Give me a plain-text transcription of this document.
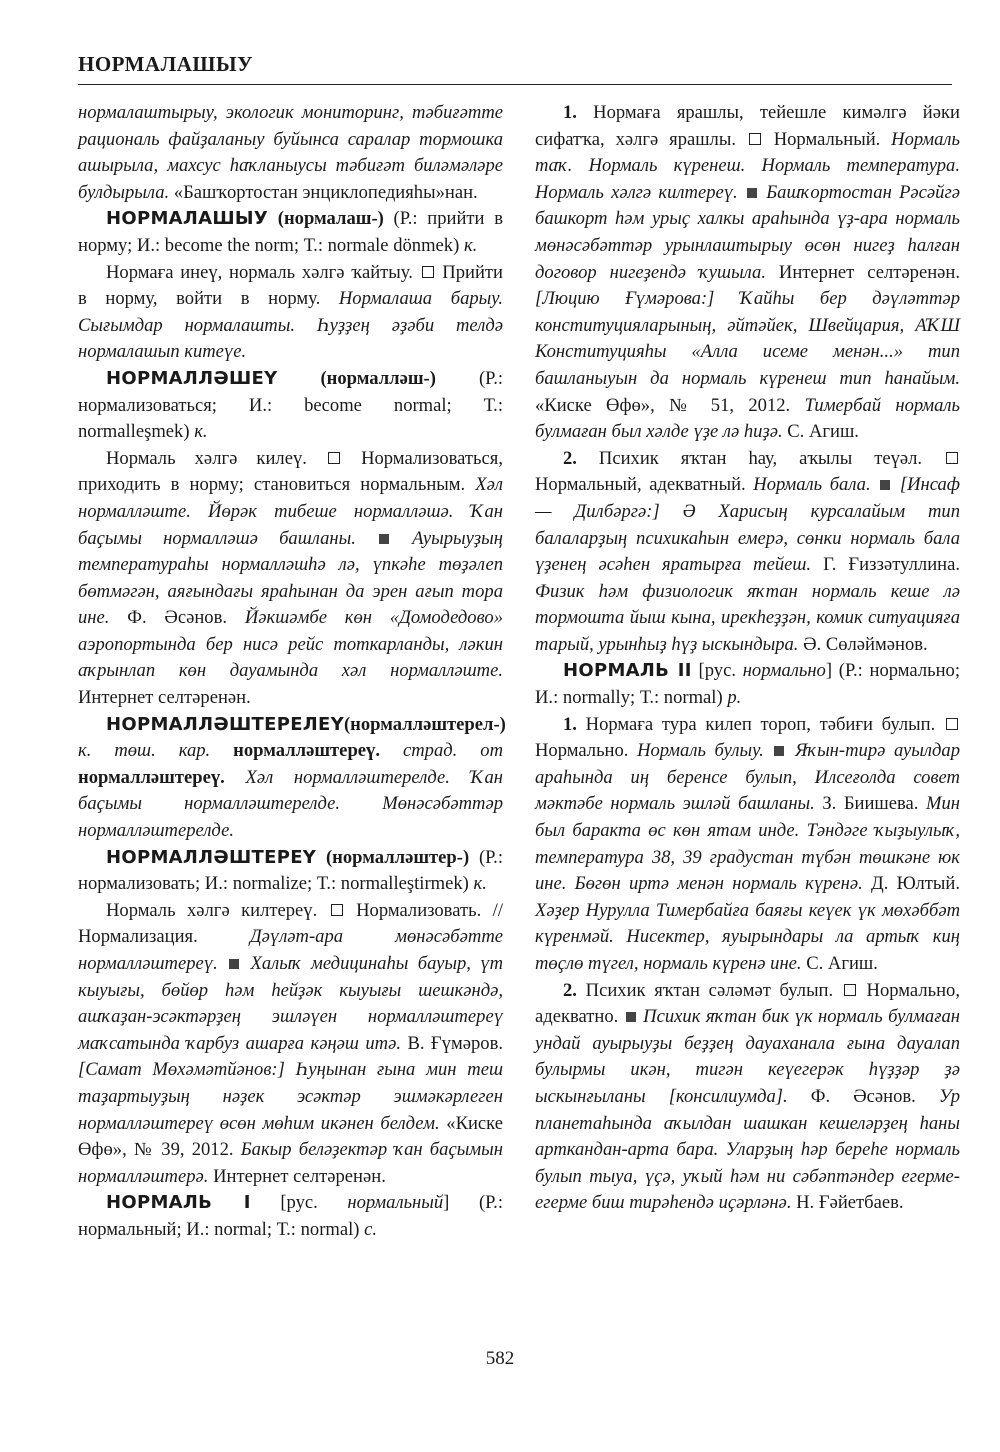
НОРМАЛАШЫУ

нормалаштырыу, экологик мониторинг, тәбиғәтте рациональ файҙаланыу буйынса саралар тормошка ашырыла, махсус һаҡланыусы тәбиғәт биләмәләре булдырыла. «Башҡортостан энциклопедияһы»нан.

НОРМАЛАШЫУ (нормалаш-) (Р.: прийти в норму; И.: become the norm; Т.: normale dönmek) к.

Нормаға инеү, нормаль хәлгә ҡайтыу.  Прийти в норму, войти в норму. Нормалаша барыу. Сығымдар нормалашты. Һуҙҙең әҙәби телдә нормалашып китеүе.

НОРМАЛЛӘШЕҮ (нормалләш-) (Р.: нормализоваться; И.: become normal; Т.: normalleşmek) к.

Нормаль хәлгә килеү.  Нормализоваться, приходить в норму; становиться нормальным. Хәл нормалләште. Йөрәк тибеше нормалләшә. Ҡан баҫымы нормалләшә башланы.	Ауырыуҙың температураһы нормалләшһә лә, үпкәһе төҙәлеп бөтмәгән, аяғындағы яраһынан да эрен ағып тора ине. Ф. Әсәнов. Йәкшәмбе көн «Домодедово» аэропортында бер нисә рейс тоткарланды, ләкин аҡрынлап көн дауамында хәл нормалләште. Интернет селтәренән.

НОРМАЛЛӘШТЕРЕЛЕҮ(нормалләштерел-) к. төш. кар. нормалләштереү. страд. от нормалләштереү. Хәл нормалләштерелде. Ҡан баҫымы нормалләштерелде. Мөнәсәбәттәр нормалләштерелде.

НОРМАЛЛӘШТЕРЕҮ (нормалләштер-) (Р.: нормализовать; И.: normalize; Т.: normalleştirmek) к.

Нормаль хәлгә килтереү.  Нормализовать. // Нормализация. Дәүләт-ара мөнәсәбәтте нормалләштереү. Халыҡ медицинаһы бауыр, үт кыуығы, бөйөр һәм һейҙәк кыуығы шешкәндә, ашҡаҙан-эсәктәрҙең эшләүен нормалләштереү маҡсатында ҡарбуз ашарға кәңәш итә. В. Ғүмәров. [Самат Мөхәмәтйәнов:] Һуңынан ғына мин теш таҙартыуҙың нәҙек эсәктәр эшмәкәрлеген нормалләштереү өсөн мөһим икәнен белдем. «Киске Өфө», № 39, 2012. Бакыр беләҙектәр ҡан баҫымын нормалләштерә. Интернет селтәренән.

НОРМАЛЬ I [рус. нормальный] (Р.: нормальный; И.: normal; Т.: normal) с.

1. Нормаға ярашлы, тейешле кимәлгә йәки сифатҡа, хәлгә ярашлы.  Нормальный. Нормаль таҡ. Нормаль күренеш. Нормаль температура. Нормаль хәлгә килтереү. Башҡортостан Рәсәйгә башкорт һәм урыҫ халкы араһында үҙ-ара нормаль мөнәсәбәттәр урынлаштырыу өсөн нигеҙ һалған договор нигеҙендә ҡушыла. Интернет селтәренән. [Люцию Ғүмәрова:] Ҡайһы бер дәүләттәр конституцияларының, әйтәйек, Швейцария, АҠШ Конституцияһы «Алла исеме менән...» тип башланыуын да нормаль күренеш тип һанайым. «Киске Өфө», № 51, 2012. Тимербай нормаль булмаған был хәлде үҙе лә һиҙә. С. Агиш.

2. Психик яҡтан һау, аҡылы теүәл.  Нормальный, адекватный. Нормаль бала. [Инсаф — Дилбәргә:] Ә Харисың курсалайым тип балаларҙың психикаһын емерә, сөнки нормаль бала үҙенең әсәһен яратырға тейеш. Г. Ғиззәтуллина. Физик һәм физиологик яҡтан нормаль кеше лә тормошта йыш кына, ирекһеҙҙән, комик ситуацияға тарый, урынһыҙ һүҙ ыскындыра. Ә. Сөләймәнов.

НОРМАЛЬ II [рус. нормально] (Р.: нормально; И.: normally; Т.: normal) р.

1. Нормаға тура килеп тороп, тәбиғи булып.  Нормально. Нормаль булыу. Яҡын-тирә ауылдар араһында иң беренсе булып, Илсеғолда совет мәктәбе нормаль эшләй башланы. З. Биишева. Мин был баракта өс көн ятам инде. Тәндәге ҡыҙыулыҡ, температура 38, 39 градустан түбән төшкәне юк ине. Бөгөн иртә менән нормаль күренә. Д. Юлтый. Хәҙер Нурулла Тимербайға баяғы кеүек үк мөхәббәт күренмәй. Нисектер, яуырындары ла артыҡ киң төҫлө түгел, нормаль күренә ине. С. Агиш.

2. Психик яҡтан сәләмәт булып.  Нормально, адекватно.  Психик яҡтан бик үк нормаль булмаған ундай ауырыуҙы беҙҙең дауаханала ғына дауалап булырмы икән, тигән кеүегерәк һүҙҙәр ҙә ыскынғыланы [консилиумда]. Ф. Әсәнов. Ур планетаһында аҡылдан шашкан кешеләрҙең һаны арткандан-арта бара. Уларҙың һәр береһе нормаль булып тыуа, үҫә, уҡый һәм ни сәбәптәндер егерме-егерме биш тирәһендә иҫәрләнә. Н. Ғәйетбаев.

582
